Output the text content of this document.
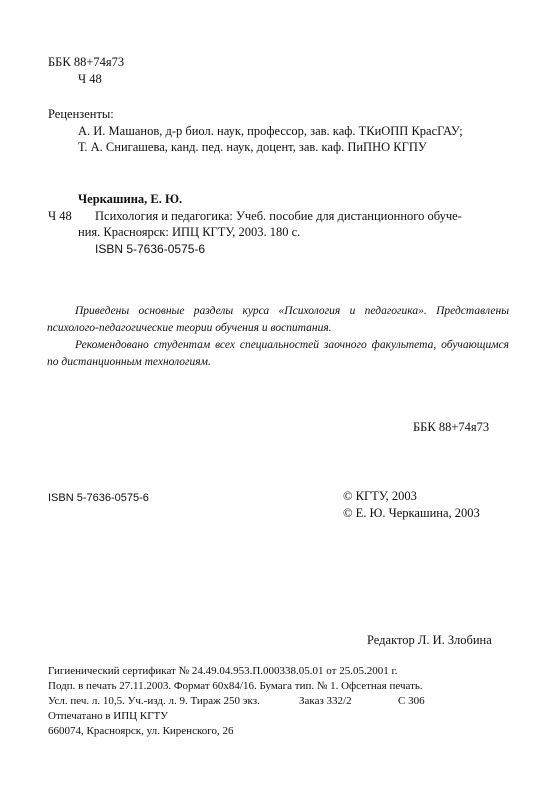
ББК 88+74я73
Ч 48
Рецензенты:
А. И. Машанов, д-р биол. наук, профессор, зав. каф. ТКиОПП КрасГАУ;
Т. А. Снигашева, канд. пед. наук, доцент, зав. каф. ПиПНО КГПУ
Черкашина, Е. Ю.
Ч 48 Психология и педагогика: Учеб. пособие для дистанционного обуче-
ния. Красноярск: ИПЦ КГТУ, 2003. 180 с.
ISBN 5-7636-0575-6

Приведены основные разделы курса «Психология и педагогика». Представлены психолого-педагогические теории обучения и воспитания.

Рекомендовано студентам всех специальностей заочного факультета, обучающимся по дистанционным технологиям.

ББК 88+74я73
ISBN 5-7636-0575-6	© КГТУ, 2003
© Е. Ю. Черкашина, 2003
Редактор Л. И. Злобина
Гигиенический сертификат № 24.49.04.953.П.000338.05.01 от 25.05.2001 г.
Подп. в печать 27.11.2003. Формат 60х84/16. Бумага тип. № 1. Офсетная печать.
Усл. печ. л. 10,5. Уч.-изд. л. 9. Тираж 250 экз.	Заказ 332/2	С 306
Отпечатано в ИПЦ КГТУ
660074, Красноярск, ул. Киренского, 26
